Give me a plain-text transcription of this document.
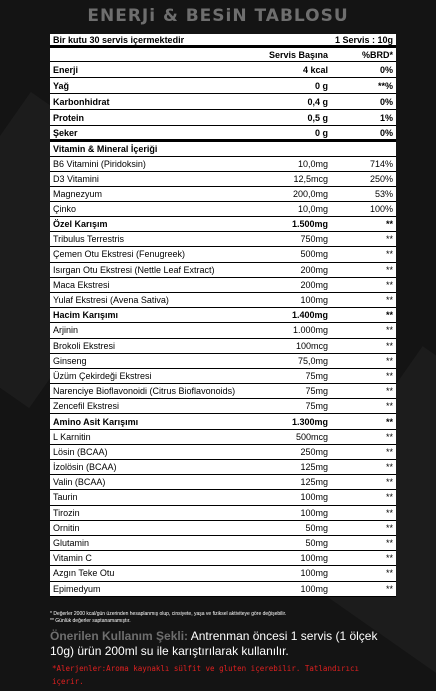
ENERJi & BESiN TABLOSU
Bir kutu 30 servis içermektedir	1 Servis : 10g
Servis Başına	%BRD*
Enerji	4 kcal	0%
Yağ	0 g	**%
Karbonhidrat	0,4 g	0%
Protein	0,5 g	1%
Şeker	0 g	0%
Vitamin & Mineral İçeriği
B6 Vitamini (Piridoksin)	10,0mg	714%
D3 Vitamini	12,5mcg	250%
Magnezyum	200,0mg	53%
Çinko	10,0mg	100%
Özel Karışım	1.500mg	**
Tribulus Terrestris	750mg	**
Çemen Otu Ekstresi (Fenugreek)	500mg	**
Isırgan Otu Ekstresi (Nettle Leaf Extract)	200mg	**
Maca Ekstresi	200mg	**
Yulaf Ekstresi (Avena Sativa)	100mg	**
Hacim Karışımı	1.400mg	**
Arjinin	1.000mg	**
Brokoli Ekstresi	100mcg	**
Ginseng	75,0mg	**
Üzüm Çekirdeği Ekstresi	75mg	**
Narenciye Bioflavonoidi (Citrus Bioflavonoids)	75mg	**
Zencefil Ekstresi	75mg	**
Amino Asit Karışımı	1.300mg	**
L Karnitin	500mcg	**
Lösin (BCAA)	250mg	**
İzolösin (BCAA)	125mg	**
Valin (BCAA)	125mg	**
Taurin	100mg	**
Tirozin	100mg	**
Ornitin	50mg	**
Glutamin	50mg	**
Vitamin C	100mg	**
Azgın Teke Otu	100mg	**
Epimedyum	100mg	**
* Değerler 2000 kcal/gün üzerinden hesaplanmış olup, cinsiyete, yaşa ve fiziksel aktiviteye göre değişebilir.
** Günlük değerler saptanamamıştır.
Önerilen Kullanım Şekli: Antrenman öncesi 1 servis (1 ölçek 10g) ürün 200ml su ile karıştırılarak kullanılır.
*Alerjenler:Aroma kaynaklı sülfit ve gluten içerebilir. Tatlandırıcı içerir.
